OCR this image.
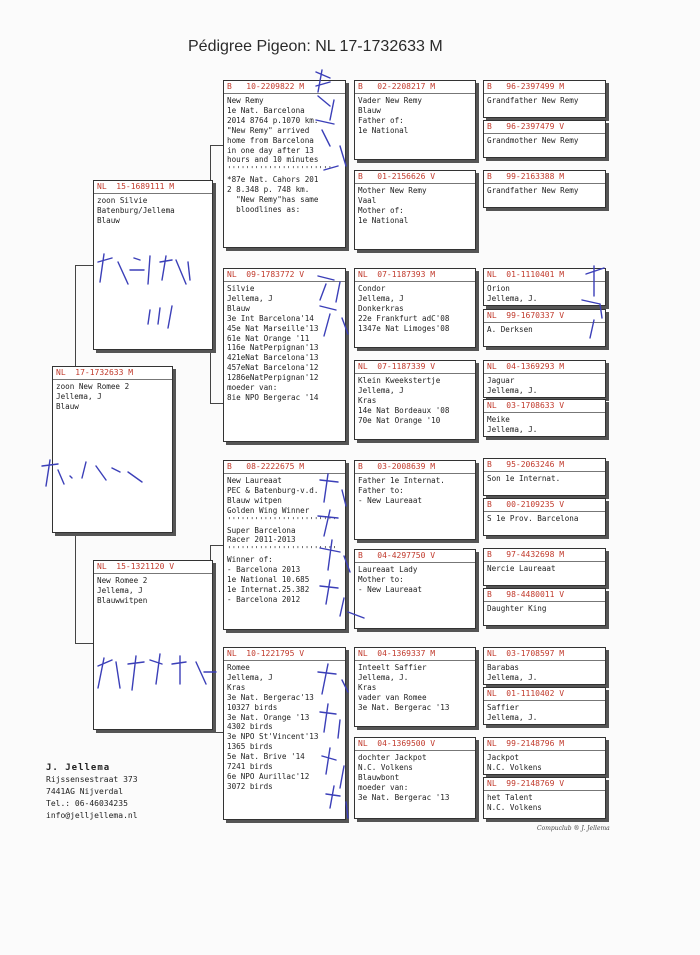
Pédigree Pigeon: NL 17-1732633 M
NL  17-1732633 M
zoon New Romee 2
Jellema, J
Blauw
NL  15-1689111 M
zoon Silvie
Batenburg/Jellema
Blauw
NL  15-1321120 V
New Romee 2
Jellema, J
Blauwwitpen
B   10-2209822 M
New Remy
1e Nat. Barcelona
2014 8764 p.1070 km.
"New Remy" arrived
home from Barcelona
in one day after 13
hours and 10 minutes
'''''''''''''''''''''''
*87e Nat. Cahors 201
2 8.348 p. 748 km.
"New Remy"has same
bloodlines as:
NL  09-1783772 V
Silvie
Jellema, J
Blauw
3e Int Barcelona'14
45e Nat Marseille'13
61e Nat Orange '11
116e NatPerpignan'13
421eNat Barcelona'13
457eNat Barcelona'12
1286eNatPerpignan'12
moeder van:
8ie NPO Bergerac '14
B   08-2222675 M
New Laureaat
PEC & Batenburg-v.d.
Blauw witpen
Golden Wing Winner
''''''''''''''''''''''''
Super Barcelona
Racer 2011-2013
''''''''''''''''''''''''
Winner of:
- Barcelona 2013
1e National 10.685
1e Internat.25.382
- Barcelona 2012
NL  10-1221795 V
Romee
Jellema, J
Kras
3e Nat. Bergerac'13
10327 birds
3e Nat. Orange '13
4302 birds
3e NPO St'Vincent'13
1365 birds
5e Nat. Brive '14
7241 birds
6e NPO Aurillac'12
3072 birds
B   02-2208217 M
Vader New Remy
Blauw
Father of:
1e National
B   01-2156626 V
Mother New Remy
Vaal
Mother of:
1e National
NL  07-1187393 M
Condor
Jellema, J
Donkerkras
22e Frankfurt adC'08
1347e Nat Limoges'08
NL  07-1187339 V
Klein Kweekstertje
Jellema, J
Kras
14e Nat Bordeaux '08
70e Nat Orange '10
B   03-2008639 M
Father 1e Internat.
Father to:
- New Laureaat
B   04-4297750 V
Laureaat Lady
Mother to:
- New Laureaat
NL  04-1369337 M
Inteelt Saffier
Jellema, J.
Kras
vader van Romee
3e Nat. Bergerac '13
NL  04-1369500 V
dochter Jackpot
N.C. Volkens
Blauwbont
moeder van:
3e Nat. Bergerac '13
B   96-2397499 M
Grandfather New Remy
B   96-2397479 V
Grandmother New Remy
B   99-2163388 M
Grandfather New Remy
NL  01-1110401 M
Orion
Jellema, J.
NL  99-1670337 V
A. Derksen
NL  04-1369293 M
Jaguar
Jellema, J.
NL  03-1708633 V
Meike
Jellema, J.
B   95-2063246 M
Son 1e Internat.
B   00-2109235 V
S 1e Prov. Barcelona
B   97-4432698 M
Nercie Laureaat
B   98-4480011 V
Daughter King
NL  03-1708597 M
Barabas
Jellema, J.
NL  01-1110402 V
Saffier
Jellema, J.
NL  99-2148796 M
Jackpot
N.C. Volkens
NL  99-2148769 V
het Talent
N.C. Volkens
J. Jellema
Rijssensestraat 373
7441AG Nijverdal
Tel.: 06-46034235
info@jelljellema.nl
Compuclub ® J. Jellema
